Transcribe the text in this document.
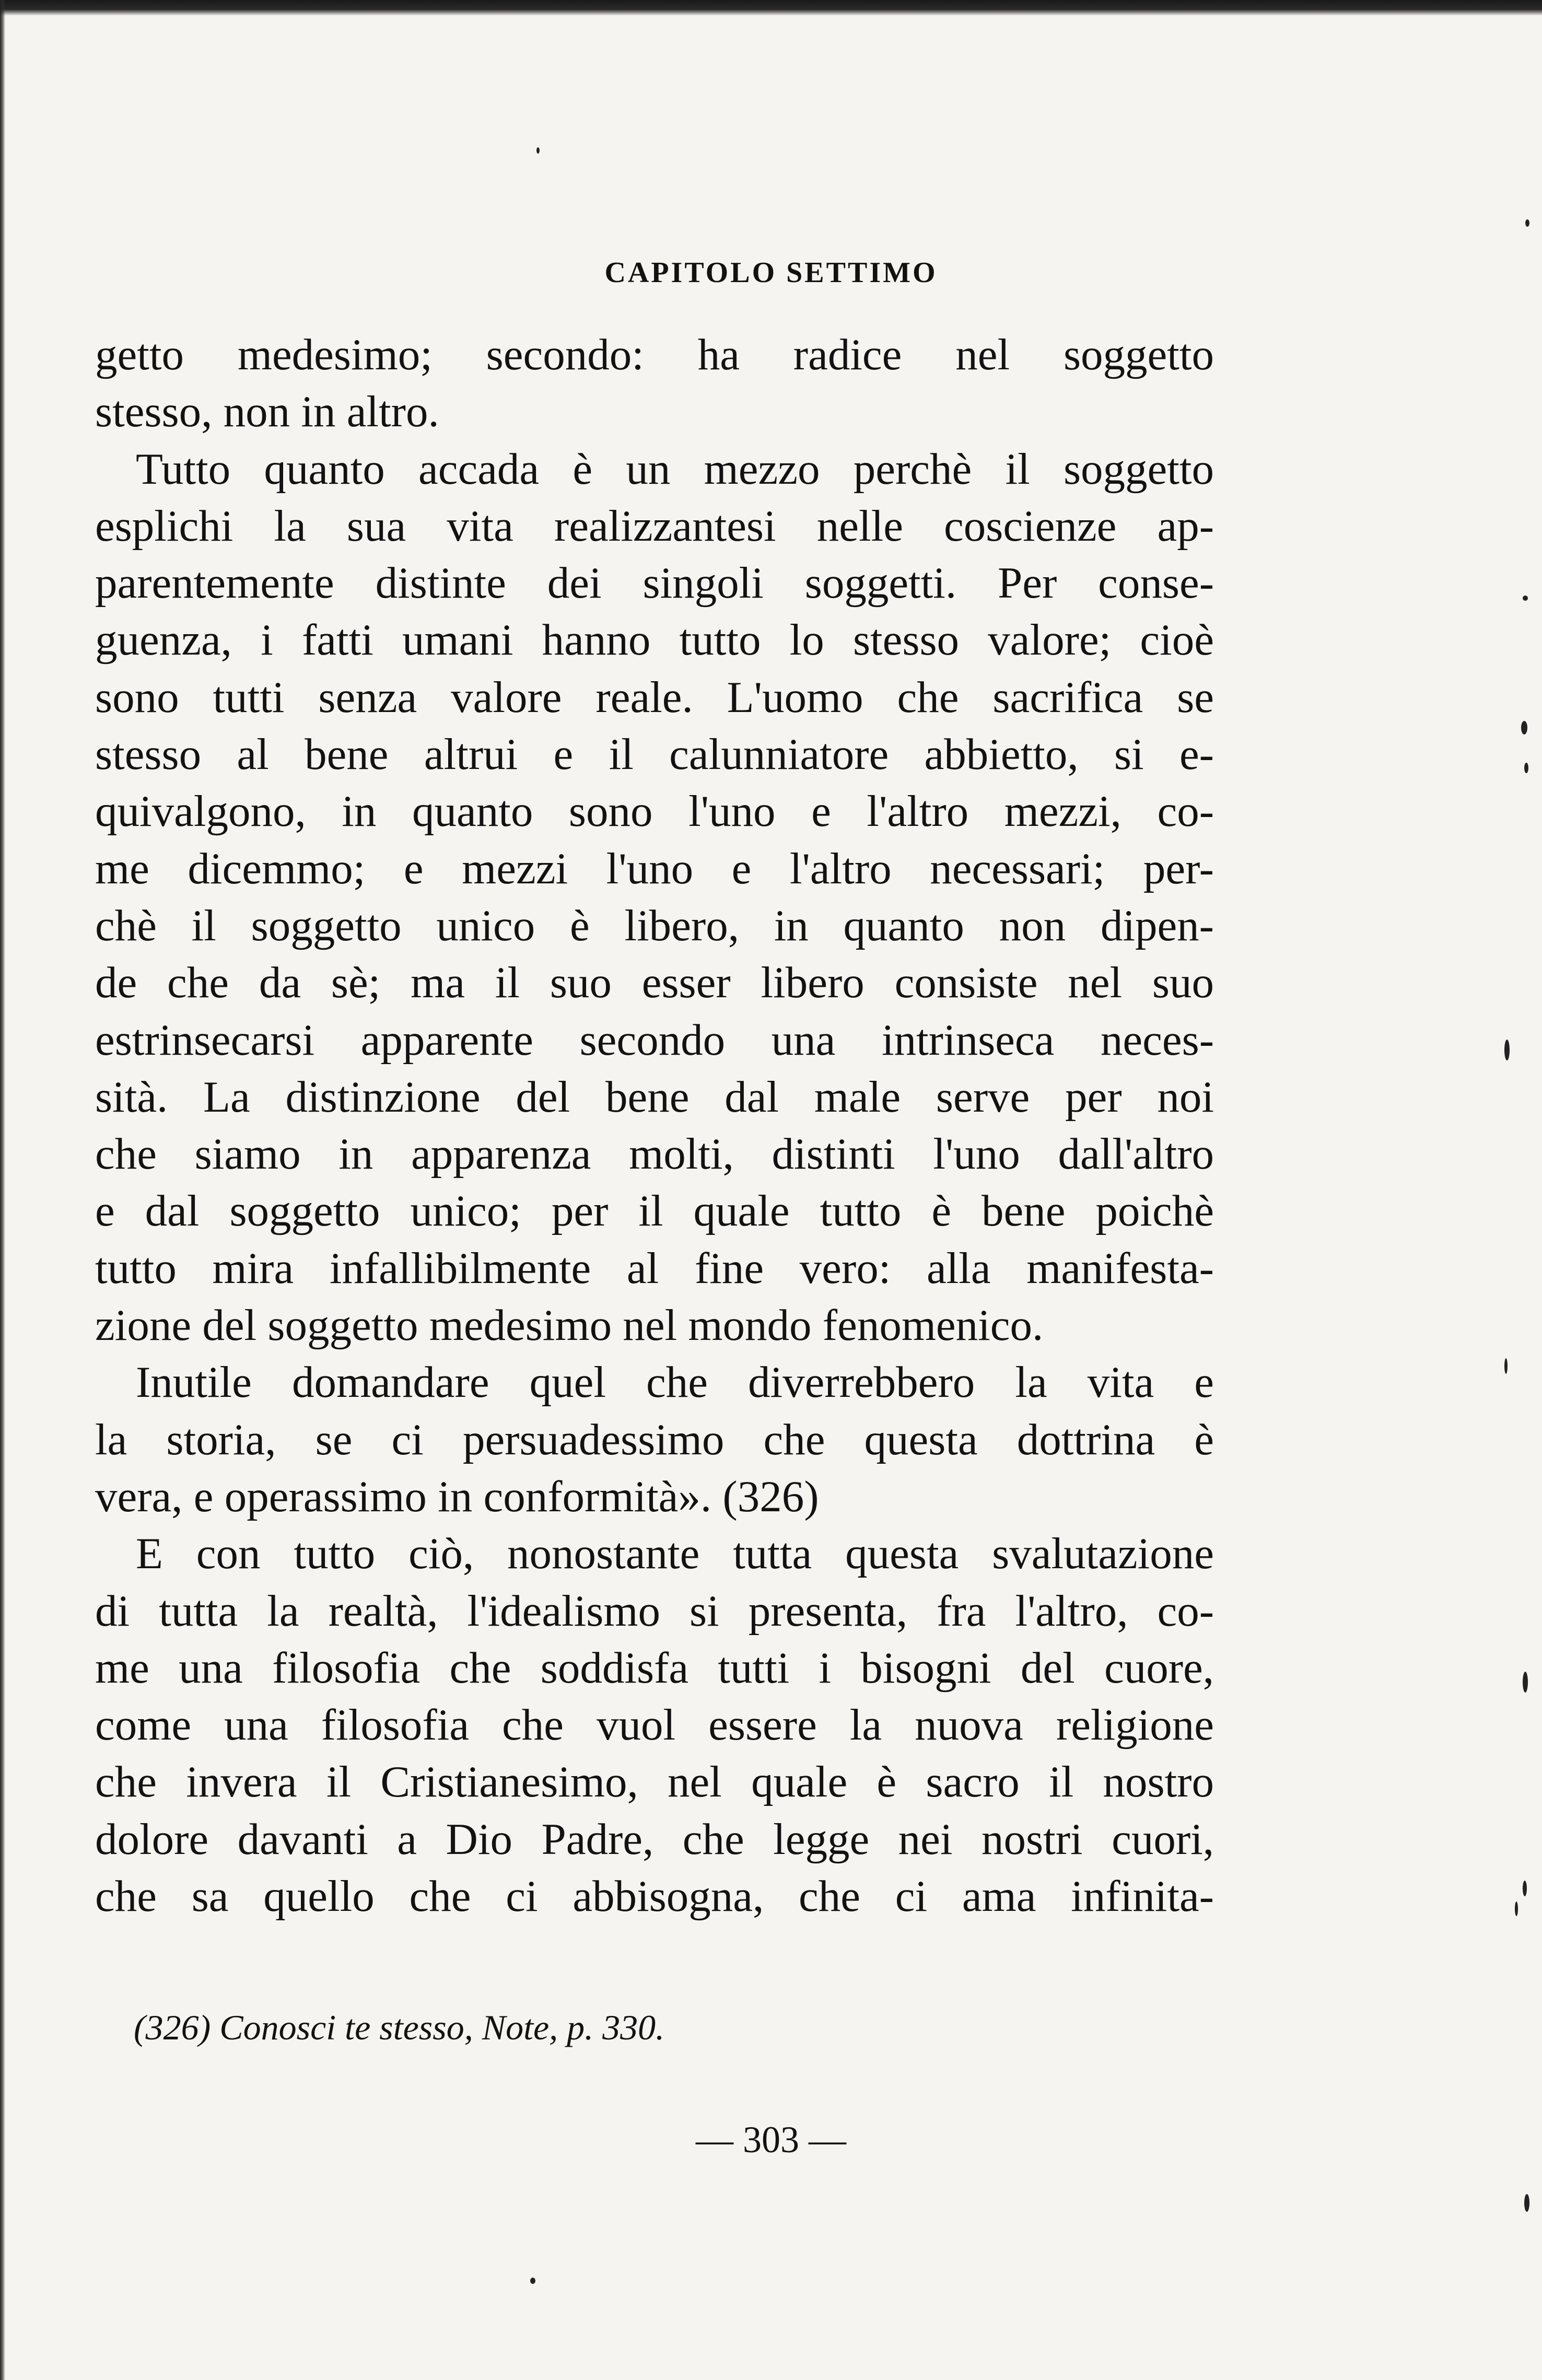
CAPITOLO SETTIMO
getto medesimo; secondo: ha radice nel soggetto
stesso, non in altro.
Tutto quanto accada è un mezzo perchè il soggetto
esplichi la sua vita realizzantesi nelle coscienze ap-
parentemente distinte dei singoli soggetti. Per conse-
guenza, i fatti umani hanno tutto lo stesso valore; cioè
sono tutti senza valore reale. L'uomo che sacrifica se
stesso al bene altrui e il calunniatore abbietto, si e-
quivalgono, in quanto sono l'uno e l'altro mezzi, co-
me dicemmo; e mezzi l'uno e l'altro necessari; per-
chè il soggetto unico è libero, in quanto non dipen-
de che da sè; ma il suo esser libero consiste nel suo
estrinsecarsi apparente secondo una intrinseca neces-
sità. La distinzione del bene dal male serve per noi
che siamo in apparenza molti, distinti l'uno dall'altro
e dal soggetto unico; per il quale tutto è bene poichè
tutto mira infallibilmente al fine vero: alla manifesta-
zione del soggetto medesimo nel mondo fenomenico.
Inutile domandare quel che diverrebbero la vita e
la storia, se ci persuadessimo che questa dottrina è
vera, e operassimo in conformità». (326)
E con tutto ciò, nonostante tutta questa svalutazione
di tutta la realtà, l'idealismo si presenta, fra l'altro, co-
me una filosofia che soddisfa tutti i bisogni del cuore,
come una filosofia che vuol essere la nuova religione
che invera il Cristianesimo, nel quale è sacro il nostro
dolore davanti a Dio Padre, che legge nei nostri cuori,
che sa quello che ci abbisogna, che ci ama infinita-
(326) Conosci te stesso, Note, p. 330.
— 303 —
